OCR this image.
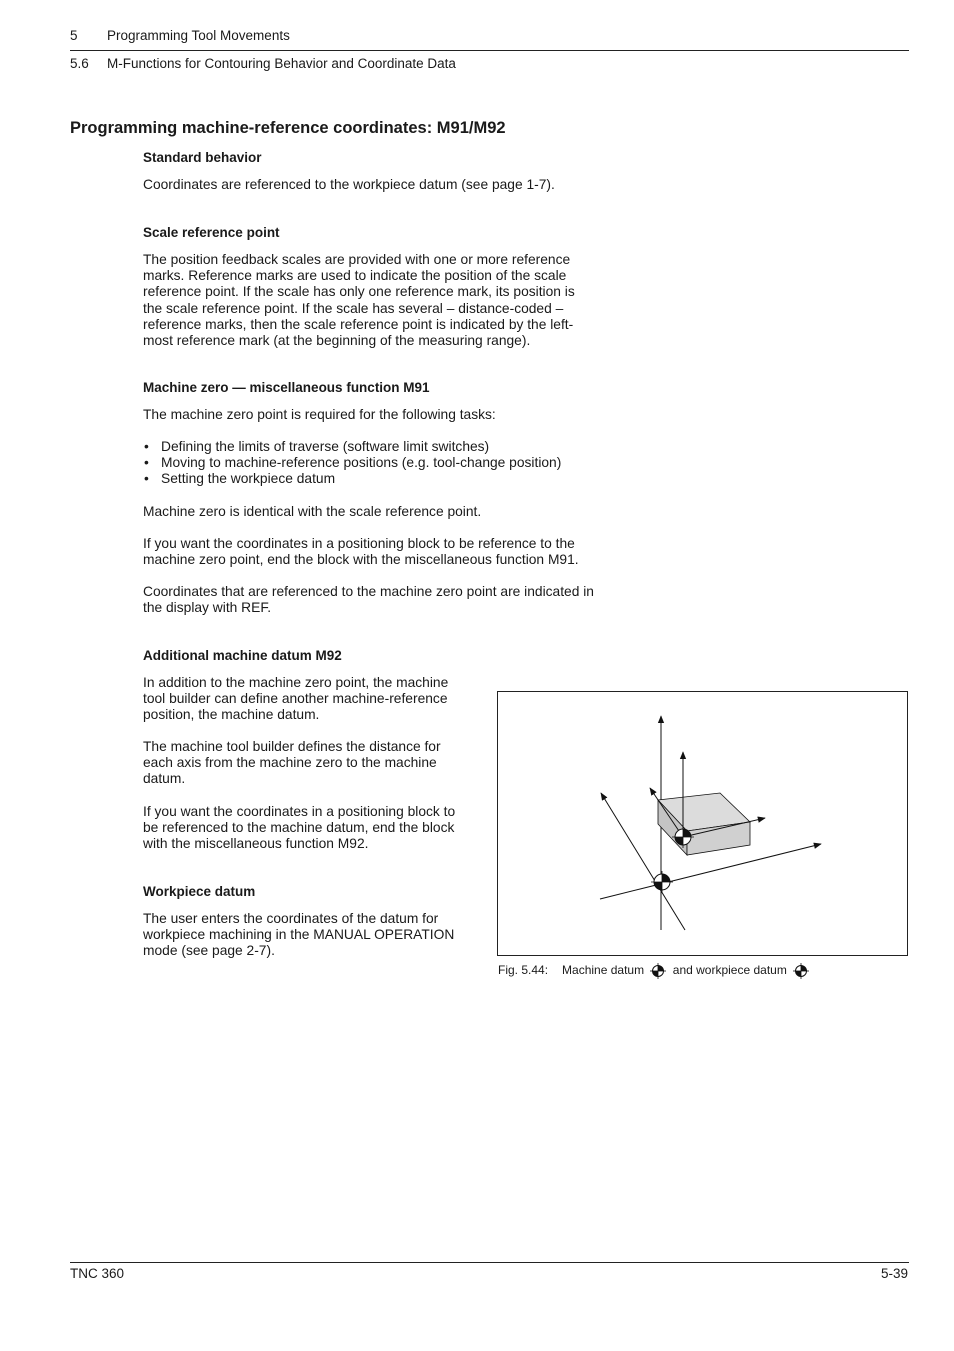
5 Programming Tool Movements
5.6 M-Functions for Contouring Behavior and Coordinate Data
Programming machine-reference coordinates: M91/M92
Standard behavior

Coordinates are referenced to the workpiece datum (see page 1-7).

Scale reference point
The position feedback scales are provided with one or more reference
marks. Reference marks are used to indicate the position of the scale
reference point. If the scale has only one reference mark, its position is
the scale reference point. If the scale has several – distance-coded –
reference marks, then the scale reference point is indicated by the left-
most reference mark (at the beginning of the measuring range).
Machine zero — miscellaneous function M91

The machine zero point is required for the following tasks:

• Defining the limits of traverse (software limit switches)
• Moving to machine-reference positions (e.g. tool-change position)
• Setting the workpiece datum

Machine zero is identical with the scale reference point.

If you want the coordinates in a positioning block to be reference to the
machine zero point, end the block with the miscellaneous function M91.
Coordinates that are referenced to the machine zero point are indicated in
the display with REF.
Additional machine datum M92
In addition to the machine zero point, the machine
tool builder can define another machine-reference
position, the machine datum.
The machine tool builder defines the distance for
each axis from the machine zero to the machine
datum.
If you want the coordinates in a positioning block to
be referenced to the machine datum, end the block
with the miscellaneous function M92.
Workpiece datum
The user enters the coordinates of the datum for
workpiece machining in the MANUAL OPERATION
mode (see page 2-7).
Fig. 5.44: Machine datum and workpiece datum
TNC 360	5-39
